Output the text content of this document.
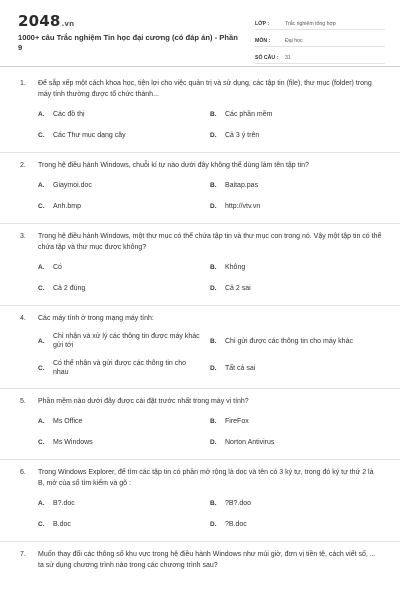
2048.vn
1000+ câu Trắc nghiệm Tin học đại cương (có đáp án) - Phần 9
LỚP :	Trắc nghiệm tổng hợp
MÔN :	Đại học
SỐ CÂU :	31
1.	Để sắp xếp một cách khoa học, tiện lợi cho việc quản trị và sử dụng, các tập tin (file), thư mục (folder) trong máy tính thường được tổ chức thành...
A.	Các đồ thị	B.	Các phần mềm
C.	Các Thư mục dạng cây	D.	Cả 3 ý trên
2.	Trong hệ điều hành Windows, chuỗi kí tự nào dưới đây không thể dùng làm tên tập tin?
A.	Giaymoi.doc	B.	Baitap.pas
C.	Anh.bmp	D.	http://vtv.vn
3.	Trong hệ điều hành Windows, một thư mục có thể chứa tập tin và thư mục con trong nó. Vậy một tập tin có thể chứa tập và thư mục được không?
A.	Có	B.	Không
C.	Cả 2 đúng	D.	Cả 2 sai
4.	Các máy tính ở trong mạng máy tính:
A.
Chỉ nhận và xử lý các thông tin được máy khác gửi tới
B.	Chỉ gửi được các thông tin cho máy khác
C.
Có thể nhận và gửi được các thông tin cho nhau
D.	Tất cả sai
5.	Phần mềm nào dưới đây được cài đặt trước nhất trong máy vi tính?
A.	Ms Office	B.	FireFox
C.	Ms Windows	D.	Norton Antivirus
6.	Trong Windows Explorer, để tìm các tập tin có phần mở rộng là doc và tên có 3 ký tự, trong đó ký tự thứ 2 là B, mở của sổ tìm kiếm và gõ :
A.	B?.doc	B.	?B?.doo
C.	B.doc	D.	?B.doc
7.	Muốn thay đổi các thông số khu vực trong hệ điều hành Windows như múi giờ, đơn vị tiền tệ, cách viết số, ... ta sử dụng chương trình nào trong các chương trình sau?
